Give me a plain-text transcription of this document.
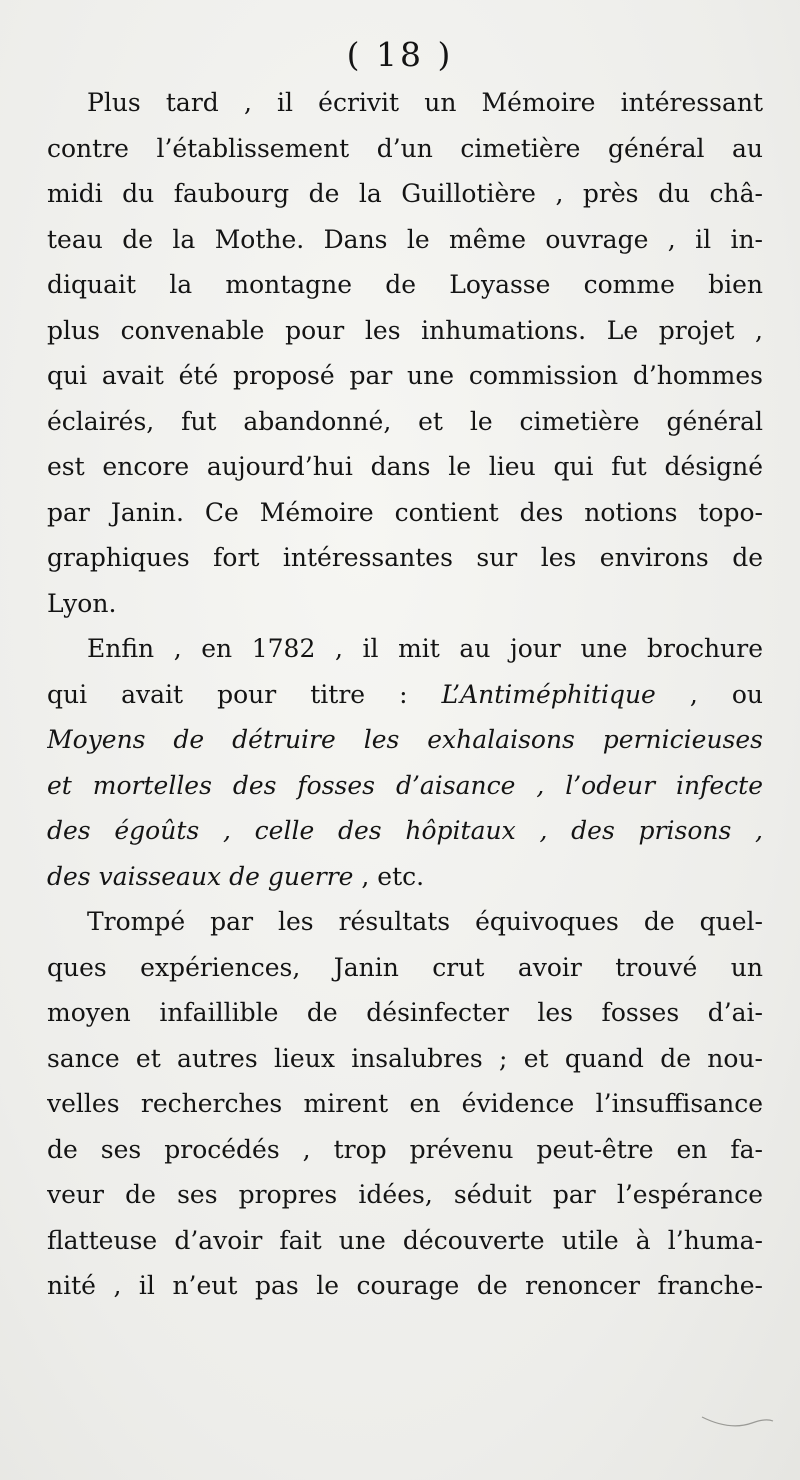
( 18 )
Plus tard , il écrivit un Mémoire intéressant
contre l’établissement d’un cimetière général au
midi du faubourg de la Guillotière , près du châ-
teau de la Mothe. Dans le même ouvrage , il in-
diquait la montagne de Loyasse comme bien
plus convenable pour les inhumations. Le projet ,
qui avait été proposé par une commission d’hommes
éclairés, fut abandonné, et le cimetière général
est encore aujourd’hui dans le lieu qui fut désigné
par Janin. Ce Mémoire contient des notions topo-
graphiques fort intéressantes sur les environs de
Lyon.
Enfin , en 1782 , il mit au jour une brochure
qui avait pour titre : L’Antiméphitique , ou
Moyens de détruire les exhalaisons pernicieuses
et mortelles des fosses d’aisance , l’odeur infecte
des égoûts , celle des hôpitaux , des prisons ,
des vaisseaux de guerre , etc.
Trompé par les résultats équivoques de quel-
ques expériences, Janin crut avoir trouvé un
moyen infaillible de désinfecter les fosses d’ai-
sance et autres lieux insalubres ; et quand de nou-
velles recherches mirent en évidence l’insuffisance
de ses procédés , trop prévenu peut-être en fa-
veur de ses propres idées, séduit par l’espérance
flatteuse d’avoir fait une découverte utile à l’huma-
nité , il n’eut pas le courage de renoncer franche-
